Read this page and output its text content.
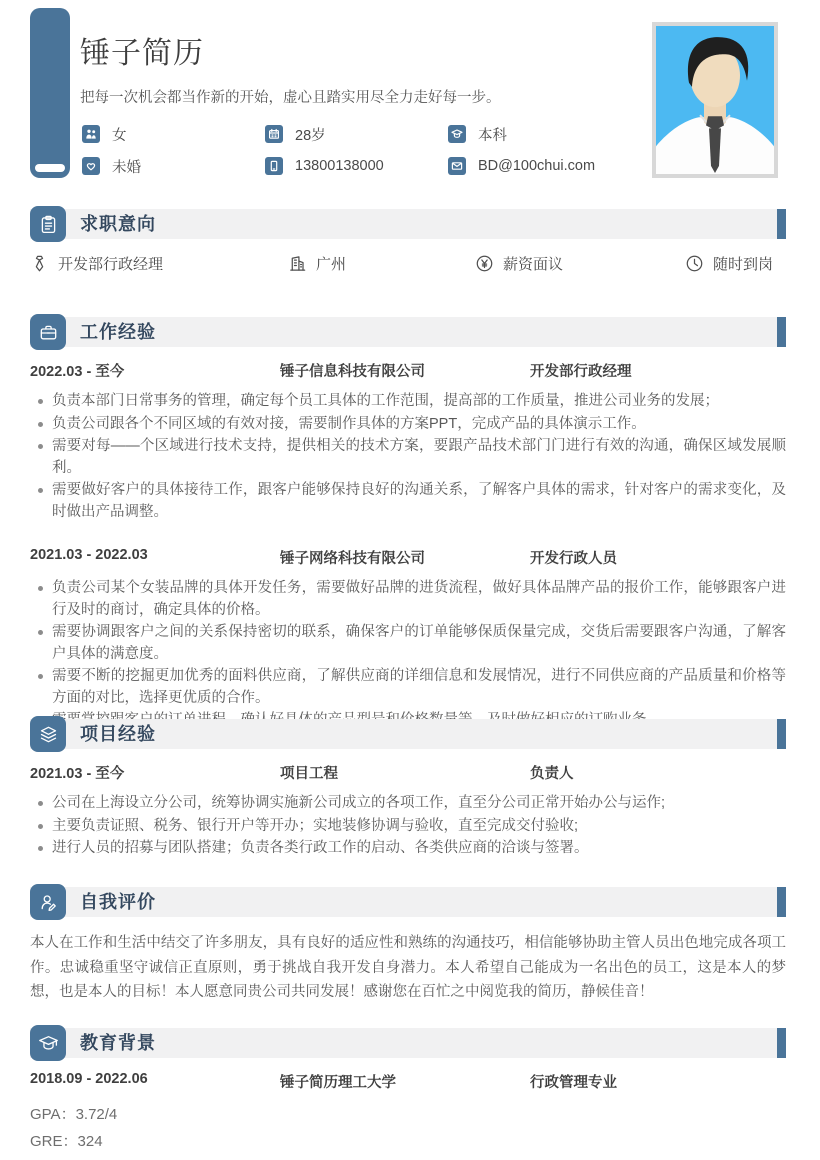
锤子简历
把每一次机会都当作新的开始，虚心且踏实用尽全力走好每一步。
女	28岁	本科
未婚	13800138000	BD@100chui.com
求职意向
开发部行政经理	广州	薪资面议	随时到岗
工作经验
2022.03 - 至今	锤子信息科技有限公司	开发部行政经理
负责本部门日常事务的管理，确定每个员工具体的工作范围，提高部的工作质量，推进公司业务的发展；
负责公司跟各个不同区域的有效对接，需要制作具体的方案PPT，完成产品的具体演示工作。
需要对每——个区域进行技术支持，提供相关的技术方案，要跟产品技术部门门进行有效的沟通，确保区域发展顺利。
需要做好客户的具体接待工作，跟客户能够保持良好的沟通关系，了解客户具体的需求，针对客户的需求变化，及时做出产品调整。
2021.03 - 2022.03	锤子网络科技有限公司	开发行政人员
负责公司某个女装品牌的具体开发任务，需要做好品牌的进货流程，做好具体品牌产品的报价工作，能够跟客户进行及时的商讨，确定具体的价格。
需要协调跟客户之间的关系保持密切的联系，确保客户的订单能够保质保量完成，交货后需要跟客户沟通，了解客户具体的满意度。
需要不断的挖掘更加优秀的面料供应商，了解供应商的详细信息和发展情况，进行不同供应商的产品质量和价格等方面的对比，选择更优质的合作。
项目经验
2021.03 - 至今	项目工程	负责人
公司在上海设立分公司，统筹协调实施新公司成立的各项工作，直至分公司正常开始办公与运作;
主要负责证照、税务、银行开户等开办；实地装修协调与验收，直至完成交付验收;
进行人员的招募与团队搭建；负责各类行政工作的启动、各类供应商的洽谈与签署。
自我评价

本人在工作和生活中结交了许多朋友，具有良好的适应性和熟练的沟通技巧，相信能够协助主管人员出色地完成各项工作。忠诚稳重坚守诚信正直原则，勇于挑战自我开发自身潜力。本人希望自己能成为一名出色的员工，这是本人的梦想，也是本人的目标！本人愿意同贵公司共同发展！感谢您在百忙之中阅览我的简历，静候佳音！

教育背景
2018.09 - 2022.06	锤子简历理工大学	行政管理专业
GPA：3.72/4
GRE：324
